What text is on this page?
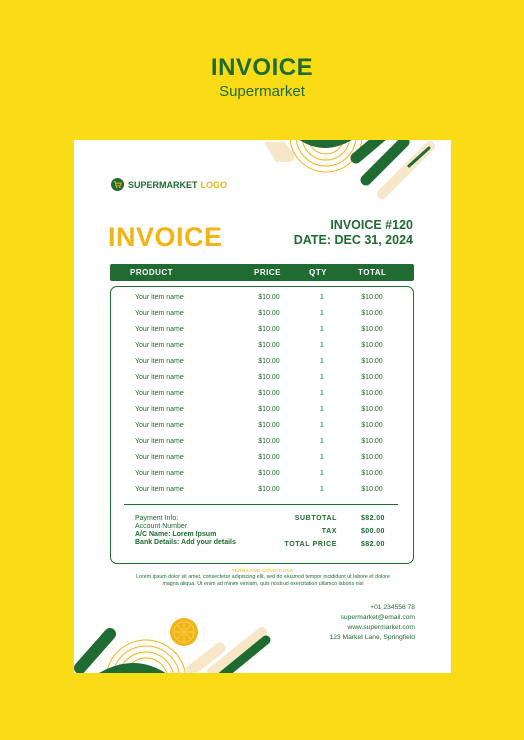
INVOICE
Supermarket
SUPERMARKET LOGO
INVOICE	INVOICE #120
DATE: DEC 31, 2024
PRODUCT	PRICE	QTY	TOTAL
Your item name	$10.00	1	$10.00
Your item name	$10.00	1	$10.00
Your item name	$10.00	1	$10.00
Your item name	$10.00	1	$10.00
Your item name	$10.00	1	$10.00
Your item name	$10.00	1	$10.00
Your item name	$10.00	1	$10.00
Your item name	$10.00	1	$10.00
Your item name	$10.00	1	$10.00
Your item name	$10.00	1	$10.00
Your item name	$10.00	1	$10.00
Your item name	$10.00	1	$10.00
Your item name	$10.00	1	$10.00
Payment Info:
Account Number
A/C Name: Lorem Ipsum
Bank Details: Add your details
SUBTOTAL	$82.00
TAX	$00.00
TOTAL PRICE	$82.00
TERMS AND CONDITIONS
Lorem ipsum dolor sit amet, consectetur adipiscing elit, sed do eiusmod tempor incididunt ut labore et dolore
magna aliqua. Ut enim ad minim veniam, quis nostrud exercitation ullamco laboris nisi
+01 234556 78
supermarket@email.com
www.supermarket.com
123 Market Lane, Springfield
